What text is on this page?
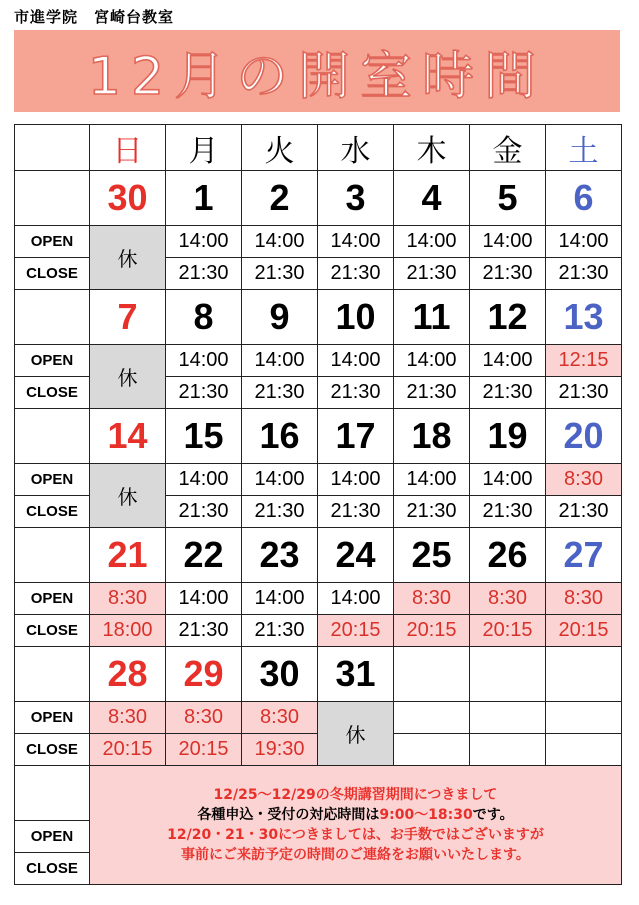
市進学院　宮崎台教室
12月の開室時間
	日	月	火	水	木	金	土
	30	1	2	3	4	5	6
OPEN	休	14:00	14:00	14:00	14:00	14:00	14:00
CLOSE		21:30	21:30	21:30	21:30	21:30	21:30
	7	8	9	10	11	12	13
OPEN	休	14:00	14:00	14:00	14:00	14:00	12:15
CLOSE		21:30	21:30	21:30	21:30	21:30	21:30
	14	15	16	17	18	19	20
OPEN	休	14:00	14:00	14:00	14:00	14:00	8:30
CLOSE		21:30	21:30	21:30	21:30	21:30	21:30
	21	22	23	24	25	26	27
OPEN	8:30	14:00	14:00	14:00	8:30	8:30	8:30
CLOSE	18:00	21:30	21:30	20:15	20:15	20:15	20:15
	28	29	30	31			
OPEN	8:30	8:30	8:30	休			
CLOSE	20:15	20:15	19:30				

	12/25～12/29の冬期講習期間につきまして
各種申込・受付の対応時間は9:00～18:30です。
12/20・21・30につきましては、お手数ではございますが
事前にご来訪予定の時間のご連絡をお願いいたします。						

OPEN							
CLOSE							
